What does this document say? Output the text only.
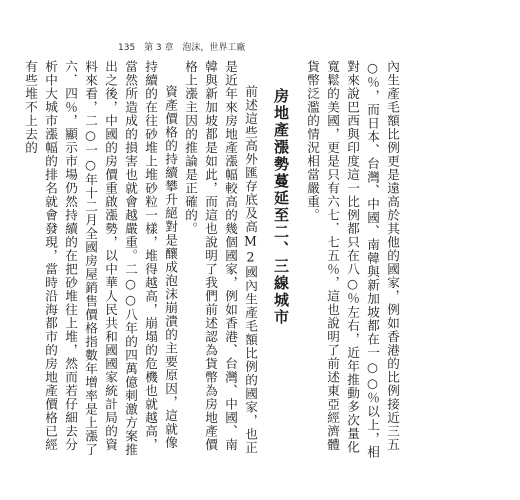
135 第 3 章 泡沫，世界工廠

內生產毛額比例更是遠高於其他的國家，例如香港的比例接近三五○％，而日本、台灣、中國、南韓與新加坡都在一○○％以上，相對來說巴西與印度這一比例都只在八○％左右，近年推動多次量化寬鬆的美國，更是只有六七．七五％，這也說明了前述東亞經濟體貨幣泛濫的情況相當嚴重。

房地產漲勢蔓延至二、三線城市

前述這些高外匯存底及高M2國內生產毛額比例的國家，也正是近年來房地產漲幅較高的幾個國家，例如香港、台灣、中國、南韓與新加坡都是如此，而這也說明了我們前述認為貨幣為房地產價格上漲主因的推論是正確的。

資產價格的持續攀升絕對是釀成泡沫崩潰的主要原因，這就像持續的在往砂堆上堆砂粒一樣，堆得越高，崩塌的危機也就越高，當然所造成的損害也就會越嚴重。二○○八年的四萬億刺激方案推出之後，中國的房價重啟漲勢，以中華人民共和國國家統計局的資料來看，二○一○年十二月全國房屋銷售價格指數年增率是上漲了六．四％，顯示市場仍然持續的在把砂堆往上堆，然而若仔細去分析中大城市漲幅的排名就會發現，當時沿海都市的房地產價格已經有些堆不上去的
